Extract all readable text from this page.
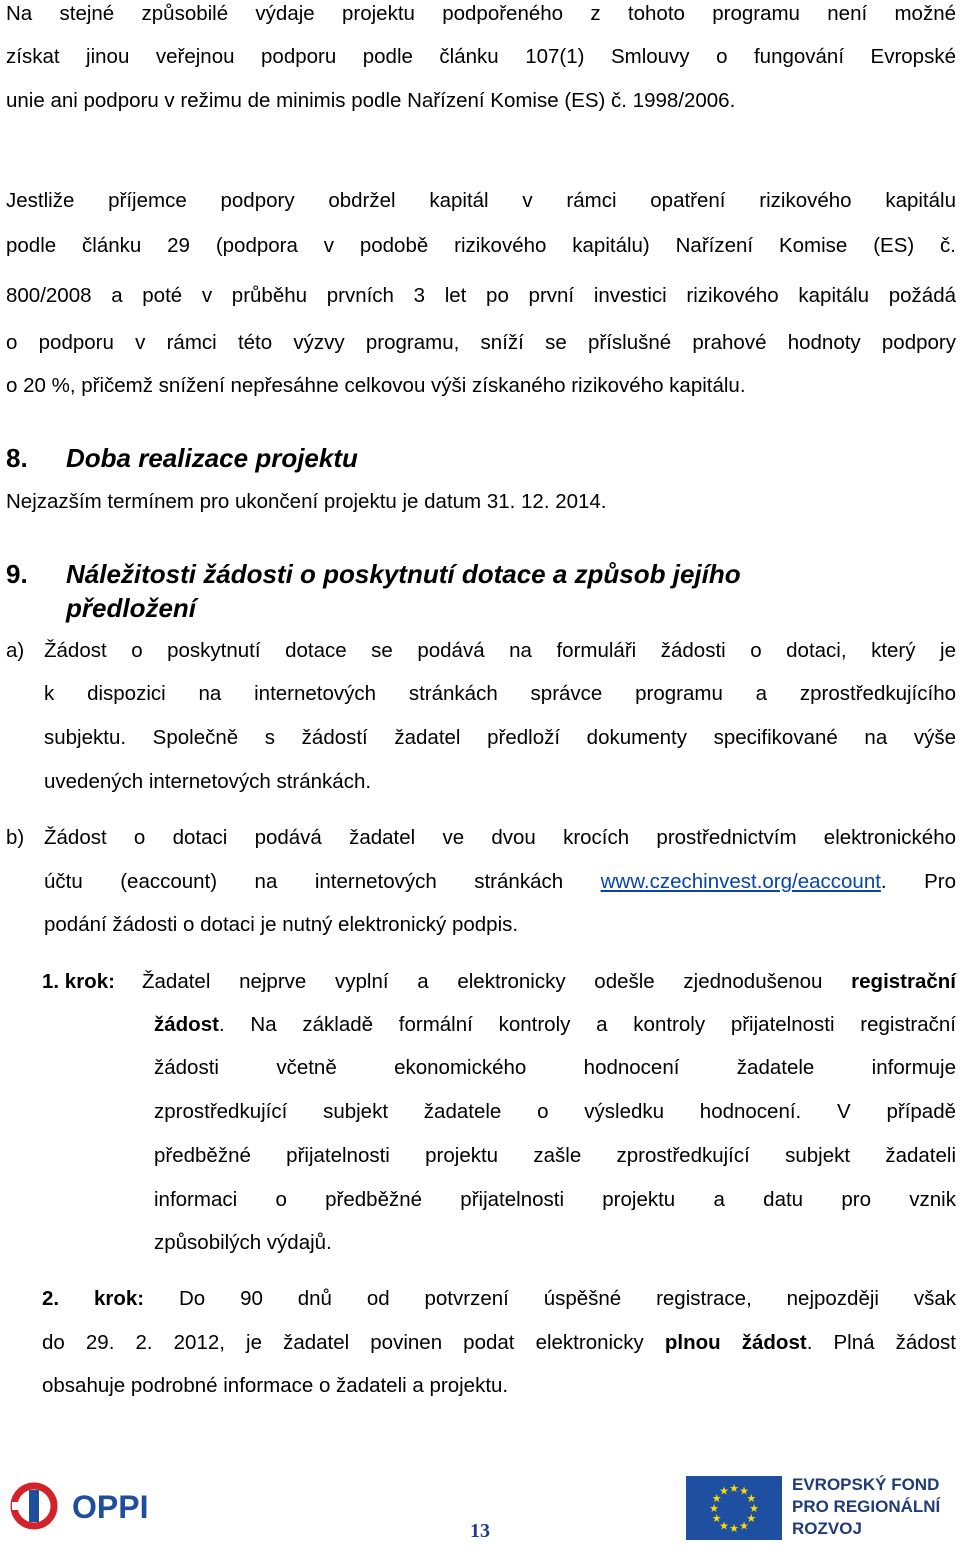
Na stejné způsobilé výdaje projektu podpořeného z tohoto programu není možné

získat jinou veřejnou podporu podle článku 107(1) Smlouvy o fungování Evropské

unie ani podporu v režimu de minimis podle Nařízení Komise (ES) č. 1998/2006.

Jestliže příjemce podpory obdržel kapitál v rámci opatření rizikového kapitálu

podle článku 29 (podpora v podobě rizikového kapitálu) Nařízení Komise (ES) č.

800/2008 a poté v průběhu prvních 3 let po první investici rizikového kapitálu požádá

o podporu v rámci této výzvy programu, sníží se příslušné prahové hodnoty podpory

o 20 %, přičemž snížení nepřesáhne celkovou výši získaného rizikového kapitálu.

8. Doba realizace projektu

Nejzazším termínem pro ukončení projektu je datum 31. 12. 2014.

9. Náležitosti žádosti o poskytnutí dotace a způsob jejího
předložení

a) Žádost o poskytnutí dotace se podává na formuláři žádosti o dotaci, který je

k dispozici na internetových stránkách správce programu a zprostředkujícího

subjektu. Společně s žádostí žadatel předloží dokumenty specifikované na výše

uvedených internetových stránkách.

b) Žádost o dotaci podává žadatel ve dvou krocích prostřednictvím elektronického

účtu (eaccount) na internetových stránkách www.czechinvest.org/eaccount. Pro

podání žádosti o dotaci je nutný elektronický podpis.

1. krok:	Žadatel nejprve vyplní a elektronicky odešle zjednodušenou registrační

žádost. Na základě formální kontroly a kontroly přijatelnosti registrační

žádosti včetně ekonomického hodnocení žadatele informuje

zprostředkující subjekt žadatele o výsledku hodnocení. V případě

předběžné přijatelnosti projektu zašle zprostředkující subjekt žadateli

informaci o předběžné přijatelnosti projektu a datu pro vznik

způsobilých výdajů.

2. krok: Do 90 dnů od potvrzení úspěšné registrace, nejpozději však

do 29. 2. 2012, je žadatel povinen podat elektronicky plnou žádost. Plná žádost

obsahuje podrobné informace o žadateli a projektu.

OPPI
13
★ ★
★
★
★
★
★
★
★
★
★
★	EVROPSKÝ FOND
PRO REGIONÁLNÍ
ROZVOJ
